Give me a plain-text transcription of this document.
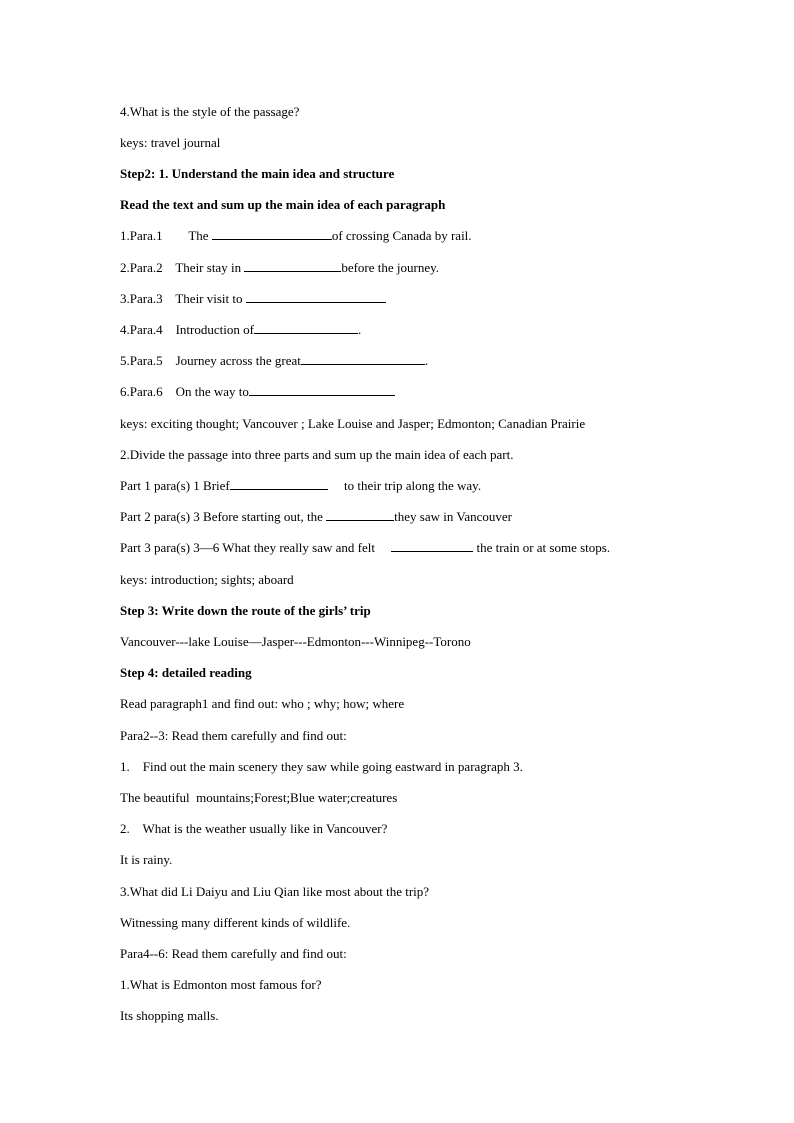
4.What is the style of the passage?
keys: travel journal
Step2: 1. Understand the main idea and structure
Read the text and sum up the main idea of each paragraph
1.Para.1        The	of crossing Canada by rail.
2.Para.2    Their stay in	before the journey.
3.Para.3    Their visit to
4.Para.4    Introduction of	.
5.Para.5    Journey across the great	.
6.Para.6    On the way to
keys: exciting thought; Vancouver ; Lake Louise and Jasper; Edmonton; Canadian Prairie
2.Divide the passage into three parts and sum up the main idea of each part.
Part 1 para(s) 1 Brief	to their trip along the way.
Part 2 para(s) 3 Before starting out, the	they saw in Vancouver
Part 3 para(s) 3—6 What they really saw and felt	the train or at some stops.
keys: introduction; sights; aboard
Step 3: Write down the route of the girls’ trip
Vancouver---lake Louise—Jasper---Edmonton---Winnipeg--Torono
Step 4: detailed reading
Read paragraph1 and find out: who ; why; how; where
Para2--3: Read them carefully and find out:
1.    Find out the main scenery they saw while going eastward in paragraph 3.
The beautiful  mountains;Forest;Blue water;creatures
2.    What is the weather usually like in Vancouver?
It is rainy.
3.What did Li Daiyu and Liu Qian like most about the trip?
Witnessing many different kinds of wildlife.
Para4--6: Read them carefully and find out:
1.What is Edmonton most famous for?
Its shopping malls.
